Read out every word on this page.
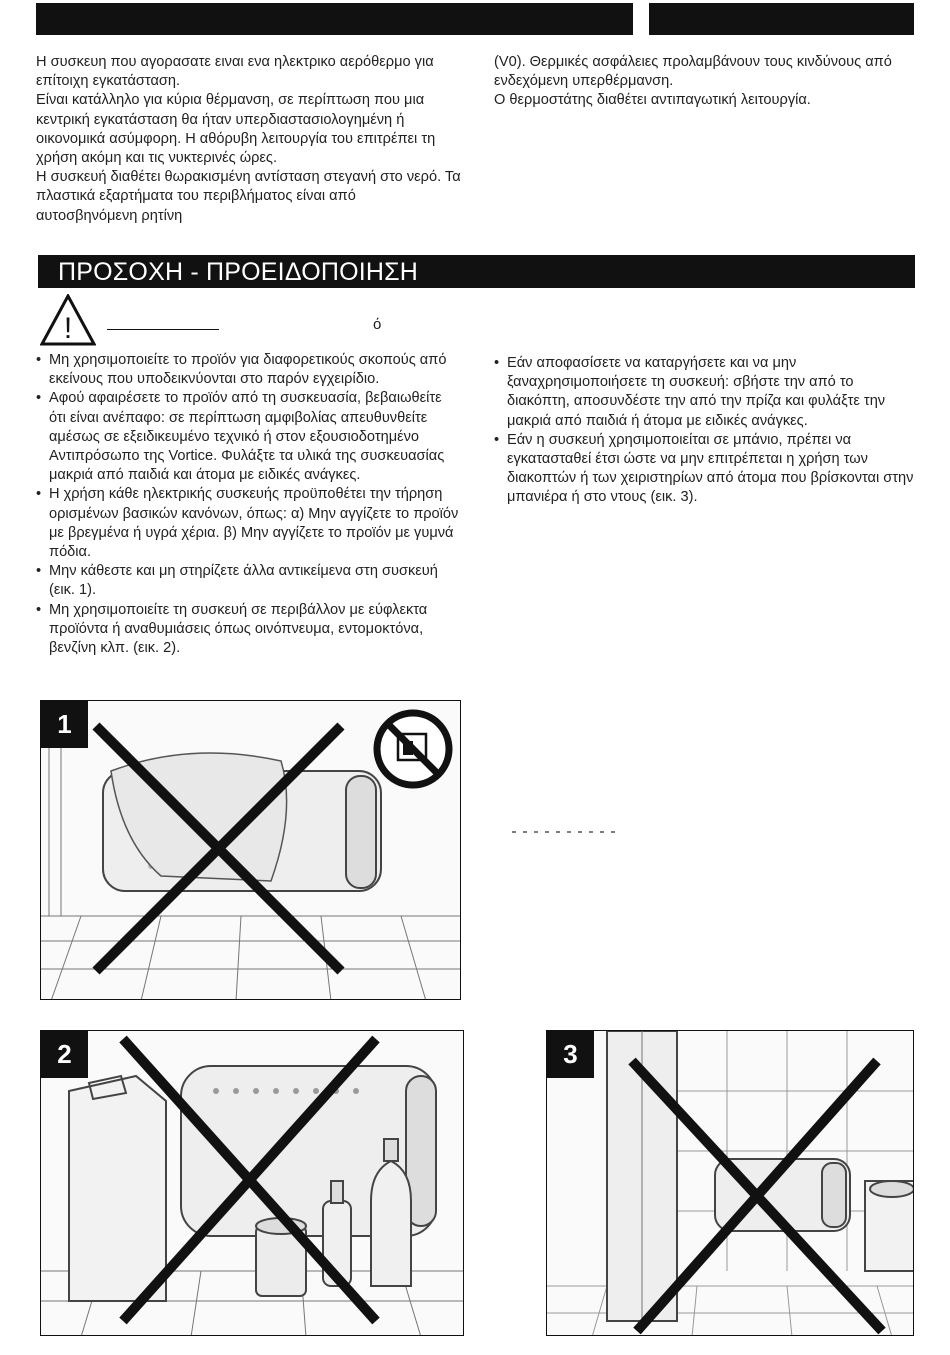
Η συσκευη που αγορασατε ειναι ενα ηλεκτρικο αερόθερμο για επίτοιχη εγκατάσταση.

Είναι κατάλληλο για κύρια θέρμανση, σε περίπτωση που μια κεντρική εγκατάσταση θα ήταν υπερδιαστασιολογημένη ή οικονομικά ασύμφορη. Η αθόρυβη λειτουργία του επιτρέπει τη χρήση ακόμη και τις νυκτερινές ώρες.

Η συσκευή διαθέτει θωρακισμένη αντίσταση στεγανή στο νερό. Τα πλαστικά εξαρτήματα του περιβλήματος είναι από αυτοσβηνόμενη ρητίνη

(V0). Θερμικές ασφάλειες προλαμβάνουν τους κινδύνους από ενδεχόμενη υπερθέρμανση.

Ο θερμοστάτης διαθέτει αντιπαγωτική λειτουργία.

ΠΡΟΣΟΧΗ - ΠΡΟΕΙΔΟΠΟΙΗΣΗ
!	ό
• Μη χρησιμοποιείτε το προϊόν για διαφορετικούς σκοπούς από εκείνους που υποδεικνύονται στο παρόν εγχειρίδιο.
• Αφού αφαιρέσετε το προϊόν από τη συσκευασία, βεβαιωθείτε ότι είναι ανέπαφο: σε περίπτωση αμφιβολίας απευθυνθείτε αμέσως σε εξειδικευμένο τεχνικό ή στον εξουσιοδοτημένο Αντιπρόσωπο της Vortice. Φυλάξτε τα υλικά της συσκευασίας μακριά από παιδιά και άτομα με ειδικές ανάγκες.
• Η χρήση κάθε ηλεκτρικής συσκευής προϋποθέτει την τήρηση ορισμένων βασικών κανόνων, όπως: α) Μην αγγίζετε το προϊόν με βρεγμένα ή υγρά χέρια. β) Μην αγγίζετε το προϊόν με γυμνά πόδια.
• Μην κάθεστε και μη στηρίζετε άλλα αντικείμενα στη συσκευή (εικ. 1).
• Μη χρησιμοποιείτε τη συσκευή σε περιβάλλον με εύφλεκτα προϊόντα ή αναθυμιάσεις όπως οινόπνευμα, εντομοκτόνα, βενζίνη κλπ. (εικ. 2).
• Εάν αποφασίσετε να καταργήσετε και να μην ξαναχρησιμοποιήσετε τη συσκευή: σβήστε την από το διακόπτη, αποσυνδέστε την από την πρίζα και φυλάξτε την μακριά από παιδιά ή άτομα με ειδικές ανάγκες.
• Εάν η συσκευή χρησιμοποιείται σε μπάνιο, πρέπει να εγκατασταθεί έτσι ώστε να μην επιτρέπεται η χρήση των διακοπτών ή των χειριστηρίων από άτομα που βρίσκονται στην μπανιέρα ή στο ντους (εικ. 3).
1
2	3
